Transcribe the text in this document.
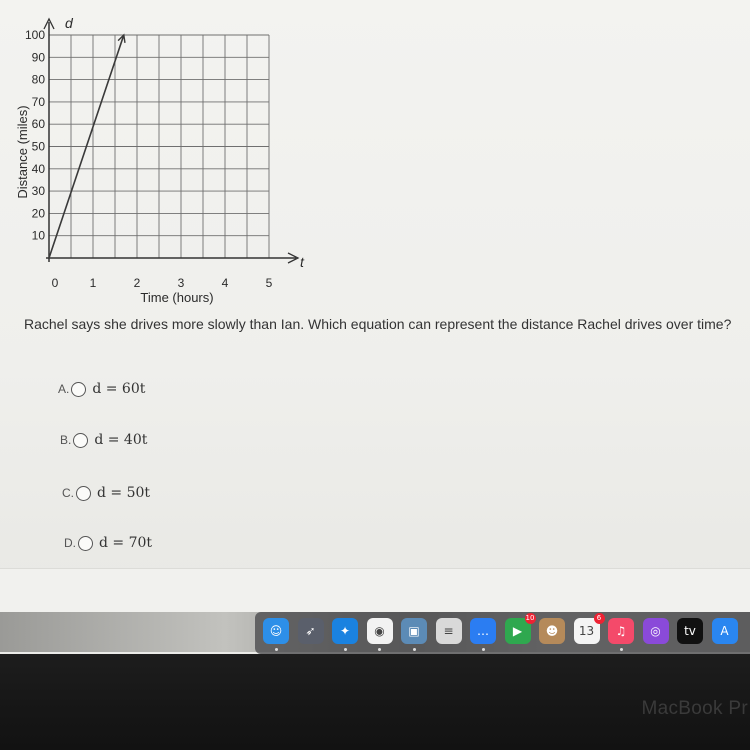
0	1	2	3	4	5
10
20
30
40
50
60
70
80
90
100
d
t
Time (hours)
Distance (miles)
Rachel says she drives more slowly than Ian. Which equation can represent the distance Rachel drives over time?
A. d = 60t
B. d = 40t
C. d = 50t
D. d = 70t
☺	➶	✦	◉	▣	≡	…	▶
10
☻	13
6
♫	◎	tv	A
MacBook Pr
